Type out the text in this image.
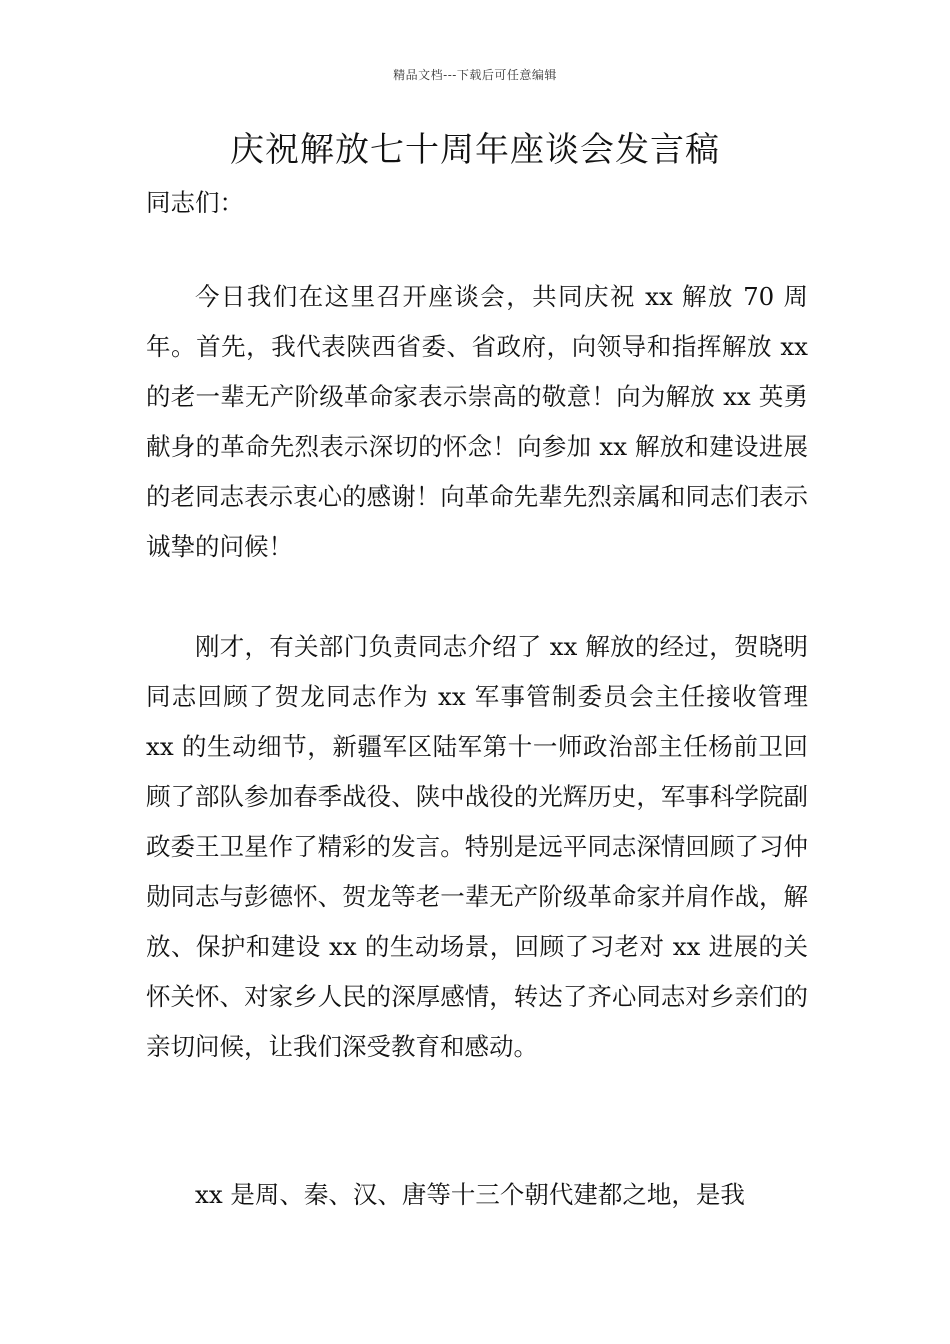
精品文档---下载后可任意编辑
庆祝解放七十周年座谈会发言稿

同志们：

今日我们在这里召开座谈会，共同庆祝 xx 解放 70 周年。首先，我代表陕西省委、省政府，向领导和指挥解放 xx 的老一辈无产阶级革命家表示崇高的敬意！向为解放 xx 英勇献身的革命先烈表示深切的怀念！向参加 xx 解放和建设进展的老同志表示衷心的感谢！向革命先辈先烈亲属和同志们表示诚挚的问候！

刚才，有关部门负责同志介绍了 xx 解放的经过，贺晓明同志回顾了贺龙同志作为 xx 军事管制委员会主任接收管理 xx 的生动细节，新疆军区陆军第十一师政治部主任杨前卫回顾了部队参加春季战役、陕中战役的光辉历史，军事科学院副政委王卫星作了精彩的发言。特别是远平同志深情回顾了习仲勋同志与彭德怀、贺龙等老一辈无产阶级革命家并肩作战，解放、保护和建设 xx 的生动场景，回顾了习老对 xx 进展的关怀关怀、对家乡人民的深厚感情，转达了齐心同志对乡亲们的亲切问候，让我们深受教育和感动。

xx 是周、秦、汉、唐等十三个朝代建都之地，是我
